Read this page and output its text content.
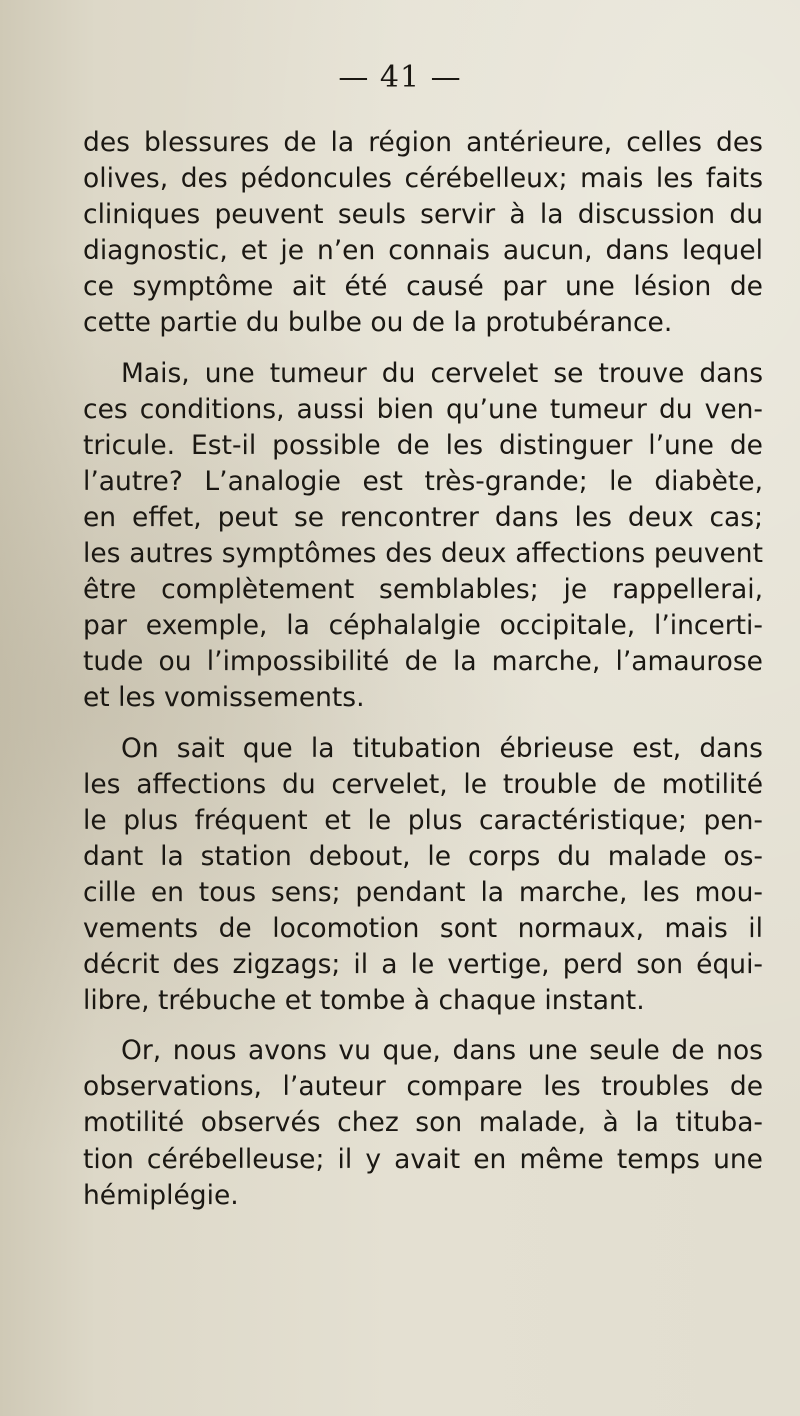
— 41 —
des blessures de la région antérieure, celles des
olives, des pédoncules cérébelleux; mais les faits
cliniques peuvent seuls servir à la discussion du
diagnostic, et je n’en connais aucun, dans lequel
ce symptôme ait été causé par une lésion de
cette partie du bulbe ou de la protubérance.
Mais, une tumeur du cervelet se trouve dans
ces conditions, aussi bien qu’une tumeur du ven-
tricule. Est-il possible de les distinguer l’une de
l’autre? L’analogie est très-grande; le diabète,
en effet, peut se rencontrer dans les deux cas;
les autres symptômes des deux affections peuvent
être complètement semblables; je rappellerai,
par exemple, la céphalalgie occipitale, l’incerti-
tude ou l’impossibilité de la marche, l’amaurose
et les vomissements.
On sait que la titubation ébrieuse est, dans
les affections du cervelet, le trouble de motilité
le plus fréquent et le plus caractéristique; pen-
dant la station debout, le corps du malade os-
cille en tous sens; pendant la marche, les mou-
vements de locomotion sont normaux, mais il
décrit des zigzags; il a le vertige, perd son équi-
libre, trébuche et tombe à chaque instant.
Or, nous avons vu que, dans une seule de nos
observations, l’auteur compare les troubles de
motilité observés chez son malade, à la tituba-
tion cérébelleuse; il y avait en même temps une
hémiplégie.
